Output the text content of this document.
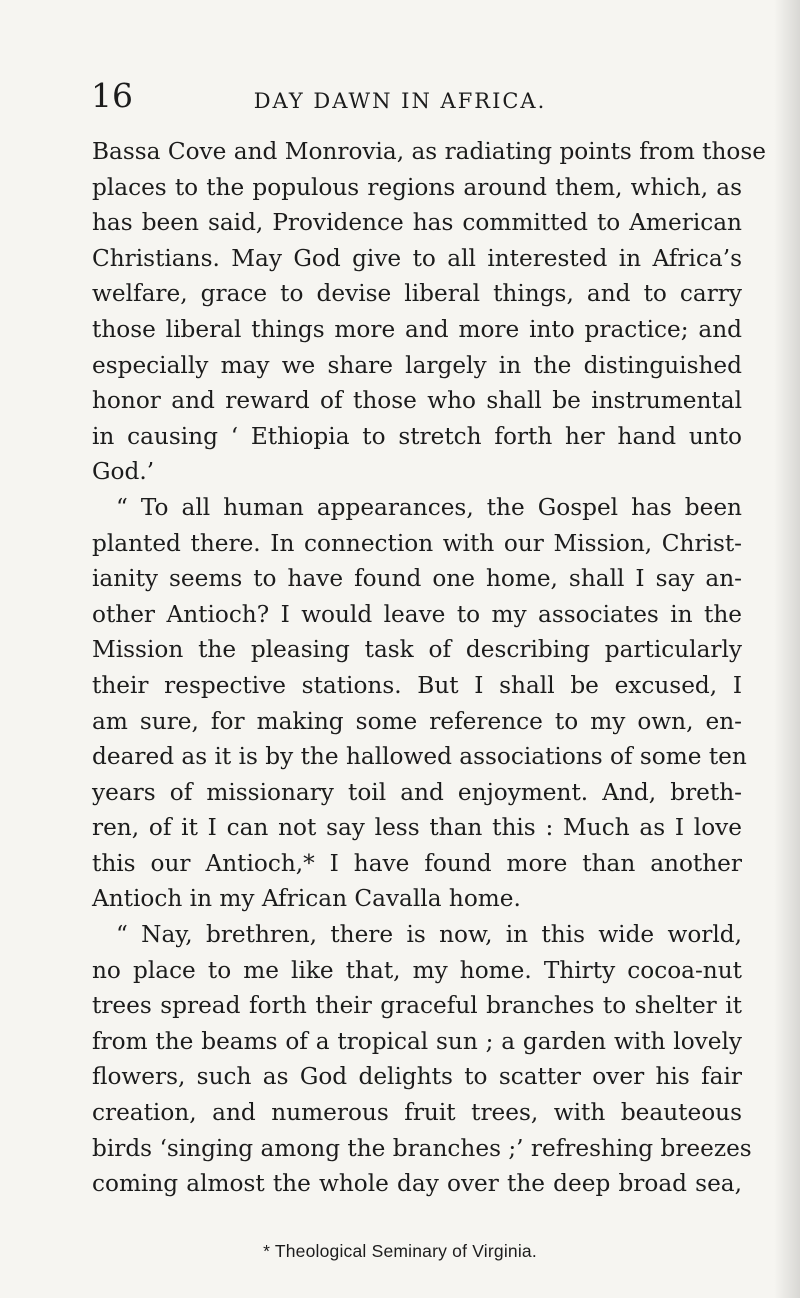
16	DAY DAWN IN AFRICA.
Bassa Cove and Monrovia, as radiating points from those
places to the populous regions around them, which, as
has been said, Providence has committed to American
Christians. May God give to all interested in Africa’s
welfare, grace to devise liberal things, and to carry
those liberal things more and more into practice; and
especially may we share largely in the distinguished
honor and reward of those who shall be instrumental
in causing ‘ Ethiopia to stretch forth her hand unto
God.’
“ To all human appearances, the Gospel has been
planted there. In connection with our Mission, Christ-
ianity seems to have found one home, shall I say an-
other Antioch? I would leave to my associates in the
Mission the pleasing task of describing particularly
their respective stations. But I shall be excused, I
am sure, for making some reference to my own, en-
deared as it is by the hallowed associations of some ten
years of missionary toil and enjoyment. And, breth-
ren, of it I can not say less than this : Much as I love
this our Antioch,* I have found more than another
Antioch in my African Cavalla home.
“ Nay, brethren, there is now, in this wide world,
no place to me like that, my home. Thirty cocoa-nut
trees spread forth their graceful branches to shelter it
from the beams of a tropical sun ; a garden with lovely
flowers, such as God delights to scatter over his fair
creation, and numerous fruit trees, with beauteous
birds ‘singing among the branches ;’ refreshing breezes
coming almost the whole day over the deep broad sea,
* Theological Seminary of Virginia.
